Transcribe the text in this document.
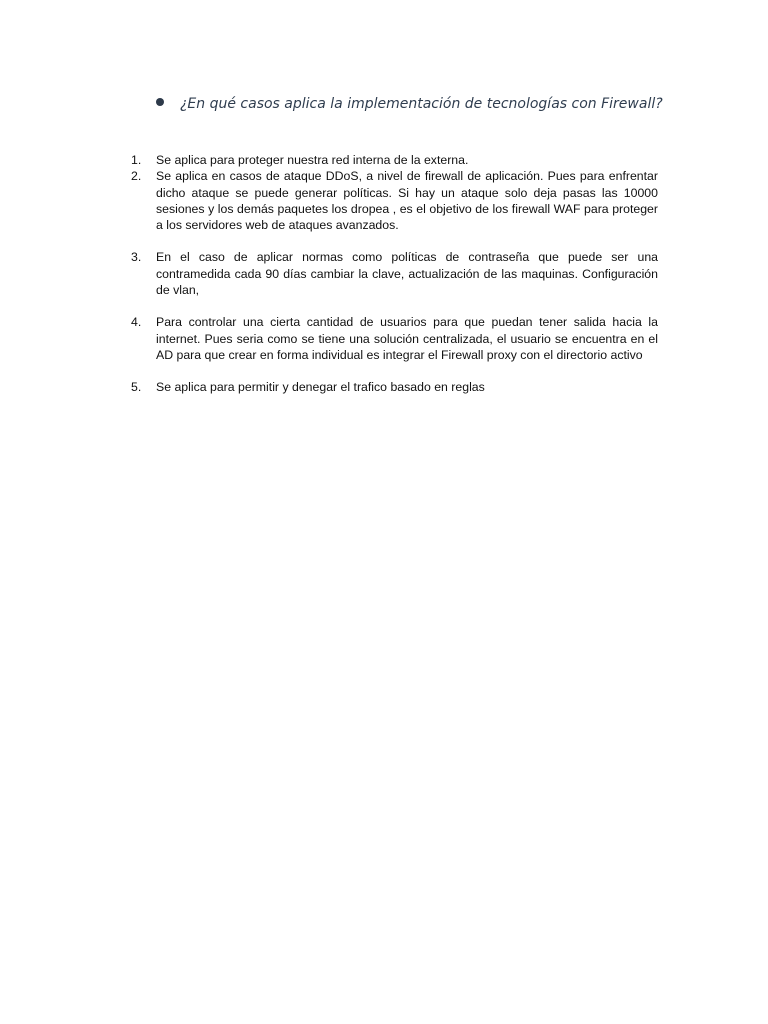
¿En qué casos aplica la implementación de tecnologías con Firewall?
1.	Se aplica para proteger nuestra red interna de la externa.
2.	Se aplica en casos de ataque DDoS, a nivel de firewall de aplicación. Pues para enfrentar dicho ataque se puede generar políticas. Si hay un ataque solo deja pasas las 10000 sesiones y los demás paquetes los dropea , es el objetivo de los firewall WAF para proteger a los servidores web de ataques avanzados.
3.	En el caso de aplicar normas como políticas de contraseña que puede ser una contramedida cada 90 días cambiar la clave, actualización de las maquinas. Configuración de vlan,
4.	Para controlar una cierta cantidad de usuarios para que puedan tener salida hacia la internet. Pues seria como se tiene una solución centralizada, el usuario se encuentra en el AD para que crear en forma individual es integrar el Firewall proxy con el directorio activo
5.	Se aplica para permitir y denegar el trafico basado en reglas
